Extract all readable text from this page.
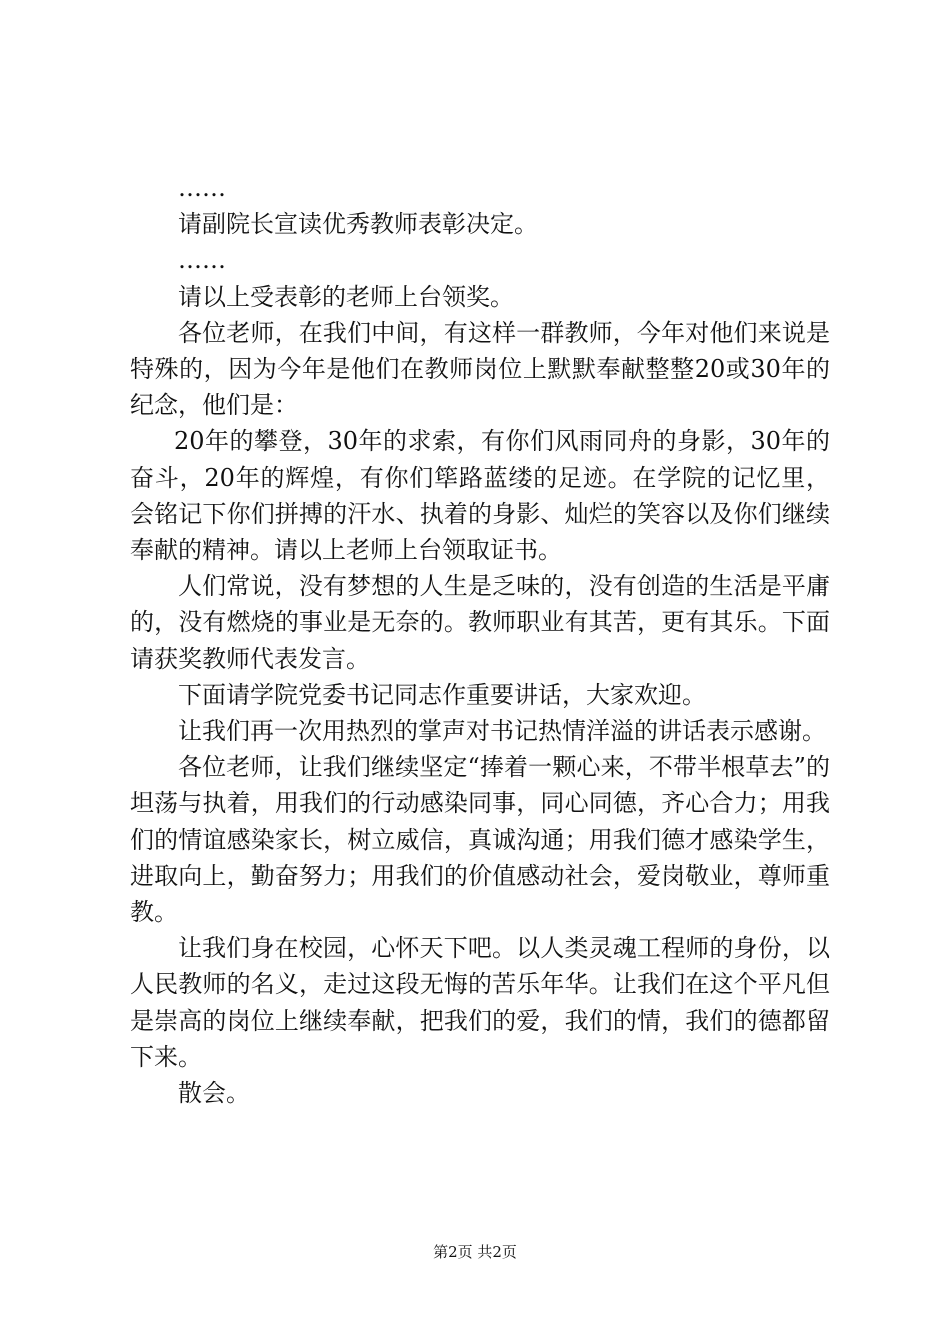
……

请副院长宣读优秀教师表彰决定。

……

请以上受表彰的老师上台领奖。

各位老师，在我们中间，有这样一群教师，今年对他们来说是特殊的，因为今年是他们在教师岗位上默默奉献整整20或30年的纪念，他们是：

20年的攀登，30年的求索，有你们风雨同舟的身影，30年的奋斗，20年的辉煌，有你们筚路蓝缕的足迹。在学院的记忆里，会铭记下你们拼搏的汗水、执着的身影、灿烂的笑容以及你们继续奉献的精神。请以上老师上台领取证书。

人们常说，没有梦想的人生是乏味的，没有创造的生活是平庸的，没有燃烧的事业是无奈的。教师职业有其苦，更有其乐。下面请获奖教师代表发言。

下面请学院党委书记同志作重要讲话，大家欢迎。

让我们再一次用热烈的掌声对书记热情洋溢的讲话表示感谢。

各位老师，让我们继续坚定“捧着一颗心来，不带半根草去”的坦荡与执着，用我们的行动感染同事，同心同德，齐心合力；用我们的情谊感染家长，树立威信，真诚沟通；用我们德才感染学生，进取向上，勤奋努力；用我们的价值感动社会，爱岗敬业，尊师重教。

让我们身在校园，心怀天下吧。以人类灵魂工程师的身份，以人民教师的名义，走过这段无悔的苦乐年华。让我们在这个平凡但是崇高的岗位上继续奉献，把我们的爱，我们的情，我们的德都留下来。

散会。

第2页 共2页
